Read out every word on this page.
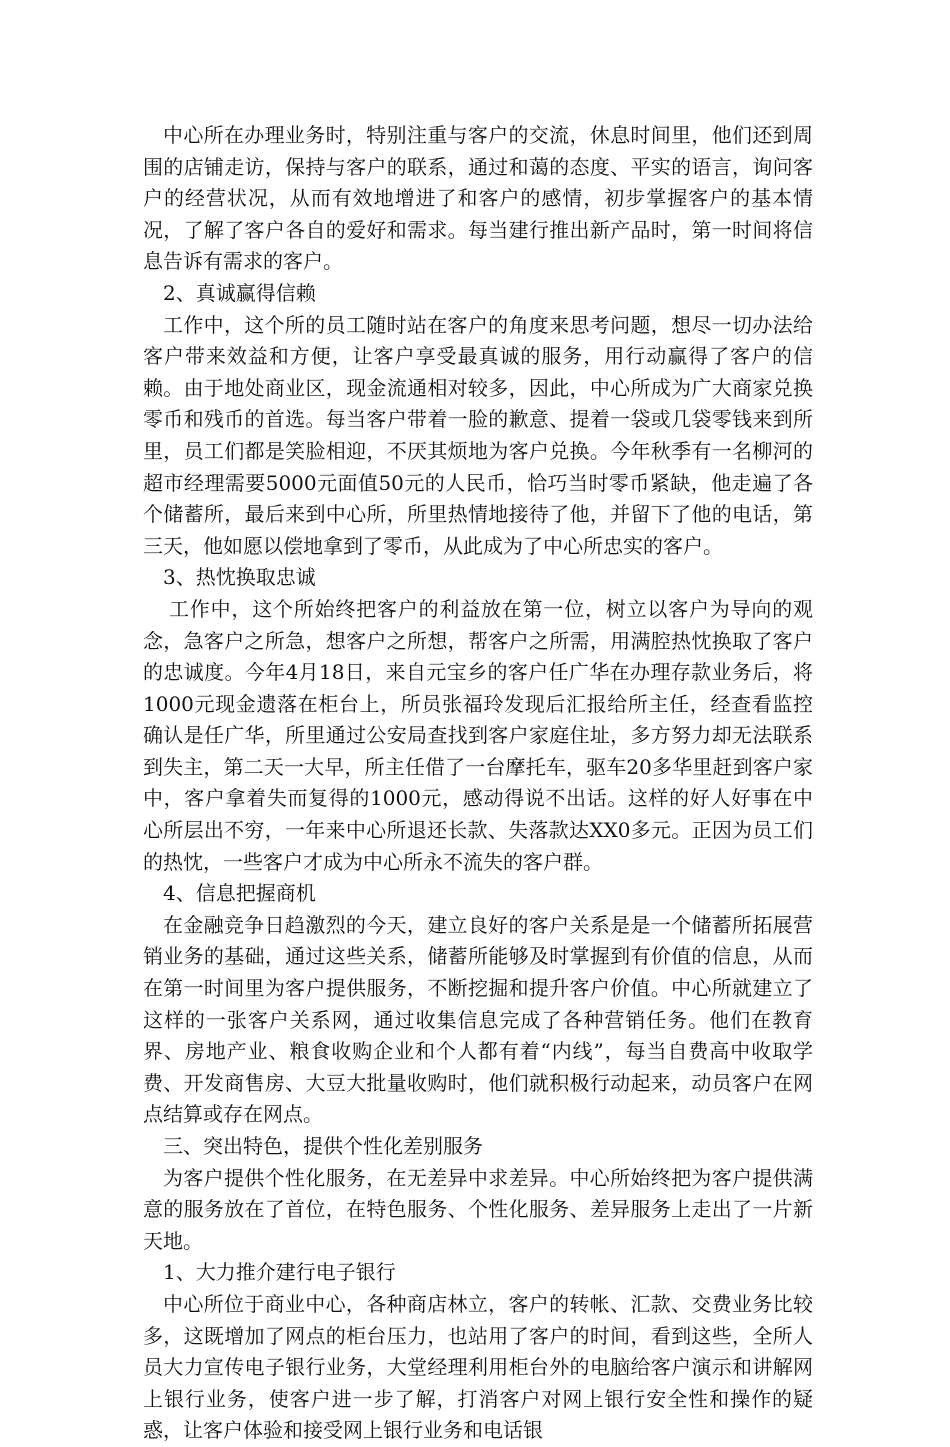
中心所在办理业务时，特别注重与客户的交流，休息时间里，他们还到周围的店铺走访，保持与客户的联系，通过和蔼的态度、平实的语言，询问客户的经营状况，从而有效地增进了和客户的感情，初步掌握客户的基本情况，了解了客户各自的爱好和需求。每当建行推出新产品时，第一时间将信息告诉有需求的客户。

2、真诚赢得信赖

工作中，这个所的员工随时站在客户的角度来思考问题，想尽一切办法给客户带来效益和方便，让客户享受最真诚的服务，用行动赢得了客户的信赖。由于地处商业区，现金流通相对较多，因此，中心所成为广大商家兑换零币和残币的首选。每当客户带着一脸的歉意、提着一袋或几袋零钱来到所里，员工们都是笑脸相迎，不厌其烦地为客户兑换。今年秋季有一名柳河的超市经理需要5000元面值50元的人民币，恰巧当时零币紧缺，他走遍了各个储蓄所，最后来到中心所，所里热情地接待了他，并留下了他的电话，第三天，他如愿以偿地拿到了零币，从此成为了中心所忠实的客户。

3、热忱换取忠诚

工作中，这个所始终把客户的利益放在第一位，树立以客户为导向的观念，急客户之所急，想客户之所想，帮客户之所需，用满腔热忱换取了客户的忠诚度。今年4月18日，来自元宝乡的客户任广华在办理存款业务后，将1000元现金遗落在柜台上，所员张福玲发现后汇报给所主任，经查看监控确认是任广华，所里通过公安局查找到客户家庭住址，多方努力却无法联系到失主，第二天一大早，所主任借了一台摩托车，驱车20多华里赶到客户家中，客户拿着失而复得的1000元，感动得说不出话。这样的好人好事在中心所层出不穷，一年来中心所退还长款、失落款达XX0多元。正因为员工们的热忱，一些客户才成为中心所永不流失的客户群。

4、信息把握商机

在金融竞争日趋激烈的今天，建立良好的客户关系是是一个储蓄所拓展营销业务的基础，通过这些关系，储蓄所能够及时掌握到有价值的信息，从而在第一时间里为客户提供服务，不断挖掘和提升客户价值。中心所就建立了这样的一张客户关系网，通过收集信息完成了各种营销任务。他们在教育界、房地产业、粮食收购企业和个人都有着“内线”，每当自费高中收取学费、开发商售房、大豆大批量收购时，他们就积极行动起来，动员客户在网点结算或存在网点。

三、突出特色，提供个性化差别服务

为客户提供个性化服务，在无差异中求差异。中心所始终把为客户提供满意的服务放在了首位，在特色服务、个性化服务、差异服务上走出了一片新天地。

1、大力推介建行电子银行

中心所位于商业中心，各种商店林立，客户的转帐、汇款、交费业务比较多，这既增加了网点的柜台压力，也站用了客户的时间，看到这些，全所人员大力宣传电子银行业务，大堂经理利用柜台外的电脑给客户演示和讲解网上银行业务，使客户进一步了解，打消客户对网上银行安全性和操作的疑惑，让客户体验和接受网上银行业务和电话银
